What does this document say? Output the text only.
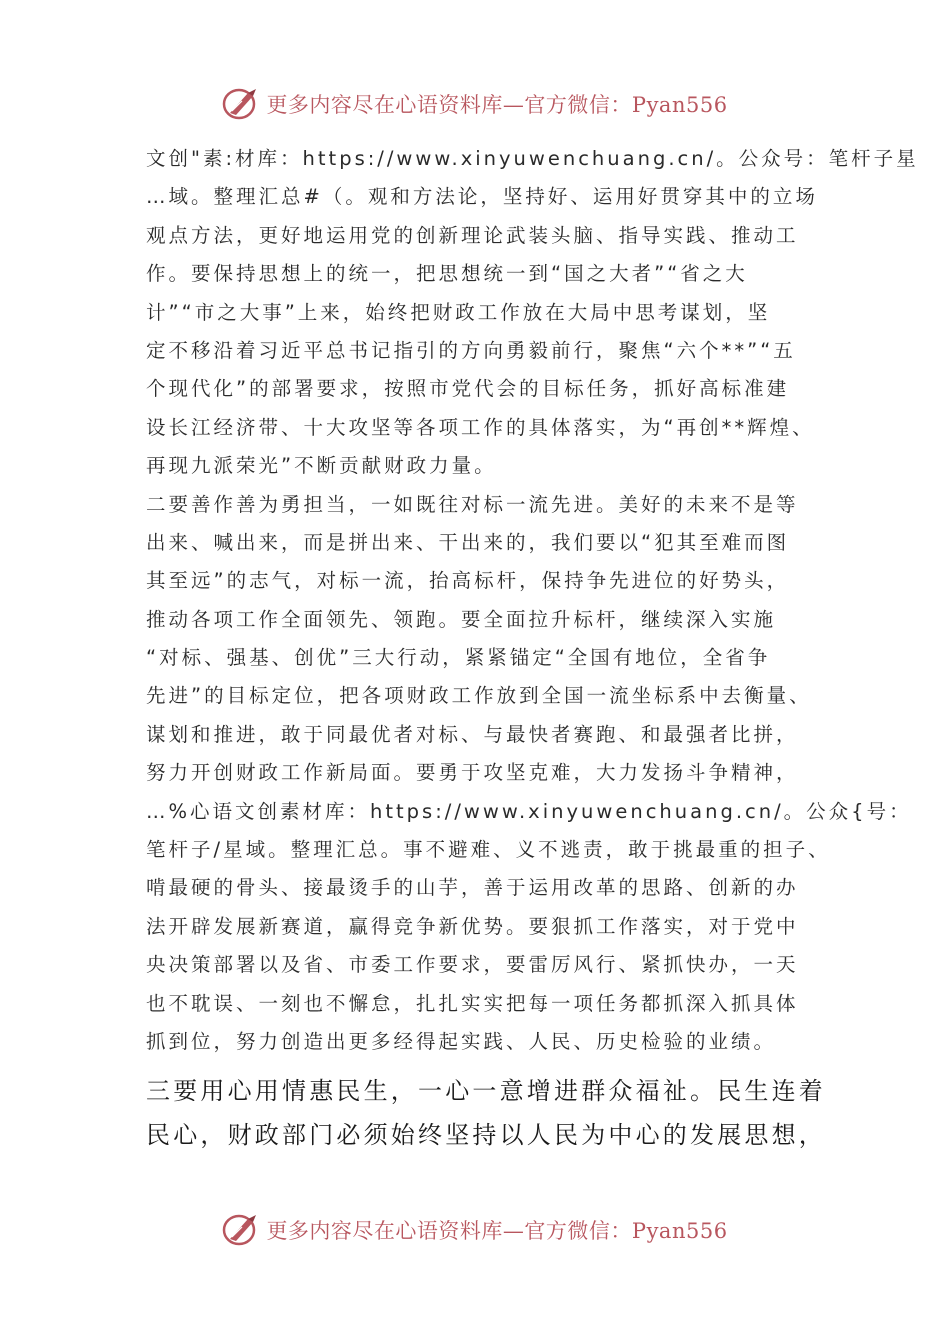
更多内容尽在心语资料库—官方微信：Pyan556
文创"素:材库：https://www.xinyuwenchuang.cn/。公众号：笔杆子星
…域。整理汇总#（。观和方法论，坚持好、运用好贯穿其中的立场
观点方法，更好地运用党的创新理论武装头脑、指导实践、推动工
作。要保持思想上的统一，把思想统一到“国之大者”“省之大
计”“市之大事”上来，始终把财政工作放在大局中思考谋划，坚
定不移沿着习近平总书记指引的方向勇毅前行，聚焦“六个**”“五
个现代化”的部署要求，按照市党代会的目标任务，抓好高标准建
设长江经济带、十大攻坚等各项工作的具体落实，为“再创**辉煌、
再现九派荣光”不断贡献财政力量。
二要善作善为勇担当，一如既往对标一流先进。美好的未来不是等
出来、喊出来，而是拼出来、干出来的，我们要以“犯其至难而图
其至远”的志气，对标一流，抬高标杆，保持争先进位的好势头，
推动各项工作全面领先、领跑。要全面拉升标杆，继续深入实施
“对标、强基、创优”三大行动，紧紧锚定“全国有地位，全省争
先进”的目标定位，把各项财政工作放到全国一流坐标系中去衡量、
谋划和推进，敢于同最优者对标、与最快者赛跑、和最强者比拼，
努力开创财政工作新局面。要勇于攻坚克难，大力发扬斗争精神，
…%心语文创素材库：https://www.xinyuwenchuang.cn/。公众{号：
笔杆子/星域。整理汇总。事不避难、义不逃责，敢于挑最重的担子、
啃最硬的骨头、接最烫手的山芋，善于运用改革的思路、创新的办
法开辟发展新赛道，赢得竞争新优势。要狠抓工作落实，对于党中
央决策部署以及省、市委工作要求，要雷厉风行、紧抓快办，一天
也不耽误、一刻也不懈怠，扎扎实实把每一项任务都抓深入抓具体
抓到位，努力创造出更多经得起实践、人民、历史检验的业绩。
三要用心用情惠民生，一心一意增进群众福祉。民生连着
民心，财政部门必须始终坚持以人民为中心的发展思想，
更多内容尽在心语资料库—官方微信：Pyan556
